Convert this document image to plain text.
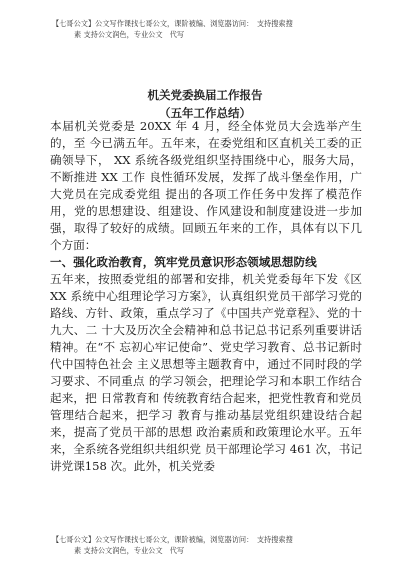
【七哥公文】公文写作课找七哥公文，课阶被编、浏览器访问：　支持搜索搜
素 支持公文润色，专业公文　代写
机关党委换届工作报告
（五年工作总结）

本届机关党委是 20XX 年 4 月，经全体党员大会选举产生的，至 今已满五年。五年来，在委党组和区直机关工委的正确领导下， XX 系统各级党组织坚持围绕中心，服务大局，不断推进 XX 工作 良性循环发展，发挥了战斗堡垒作用，广大党员在完成委党组 提出的各项工作任务中发挥了模范作用，党的思想建设、组建设、作风建设和制度建设进一步加强，取得了较好的成绩。回顾五年来的工作，具体有以下几个方面：

一、强化政治教育，筑牢党员意识形态领域思想防线

五年来，按照委党组的部署和安排，机关党委每年下发《区 XX 系统中心组理论学习方案》，认真组织党员干部学习党的路线、方针、政策，重点学习了《中国共产党章程》、党的十九大、二 十大及历次全会精神和总书记总书记系列重要讲话精神。在“不 忘初心牢记使命”、党史学习教育、总书记新时代中国特色社会 主义思想等主题教育中，通过不同时段的学习要求、不同重点 的学习领会，把理论学习和本职工作结合起来，把 日常教育和 传统教育结合起来，把党性教育和党员管理结合起来，把学习 教育与推动基层党组织建设结合起来，提高了党员干部的思想 政治素质和政策理论水平。五年来，全系统各党组织共组织党 员干部理论学习 461 次，书记讲党课158 次。此外，机关党委

【七哥公文】公文写作课找七哥公文，课阶被编，浏览器访问：　支持搜索搜
素 支持公文润色，专业公文　代写
